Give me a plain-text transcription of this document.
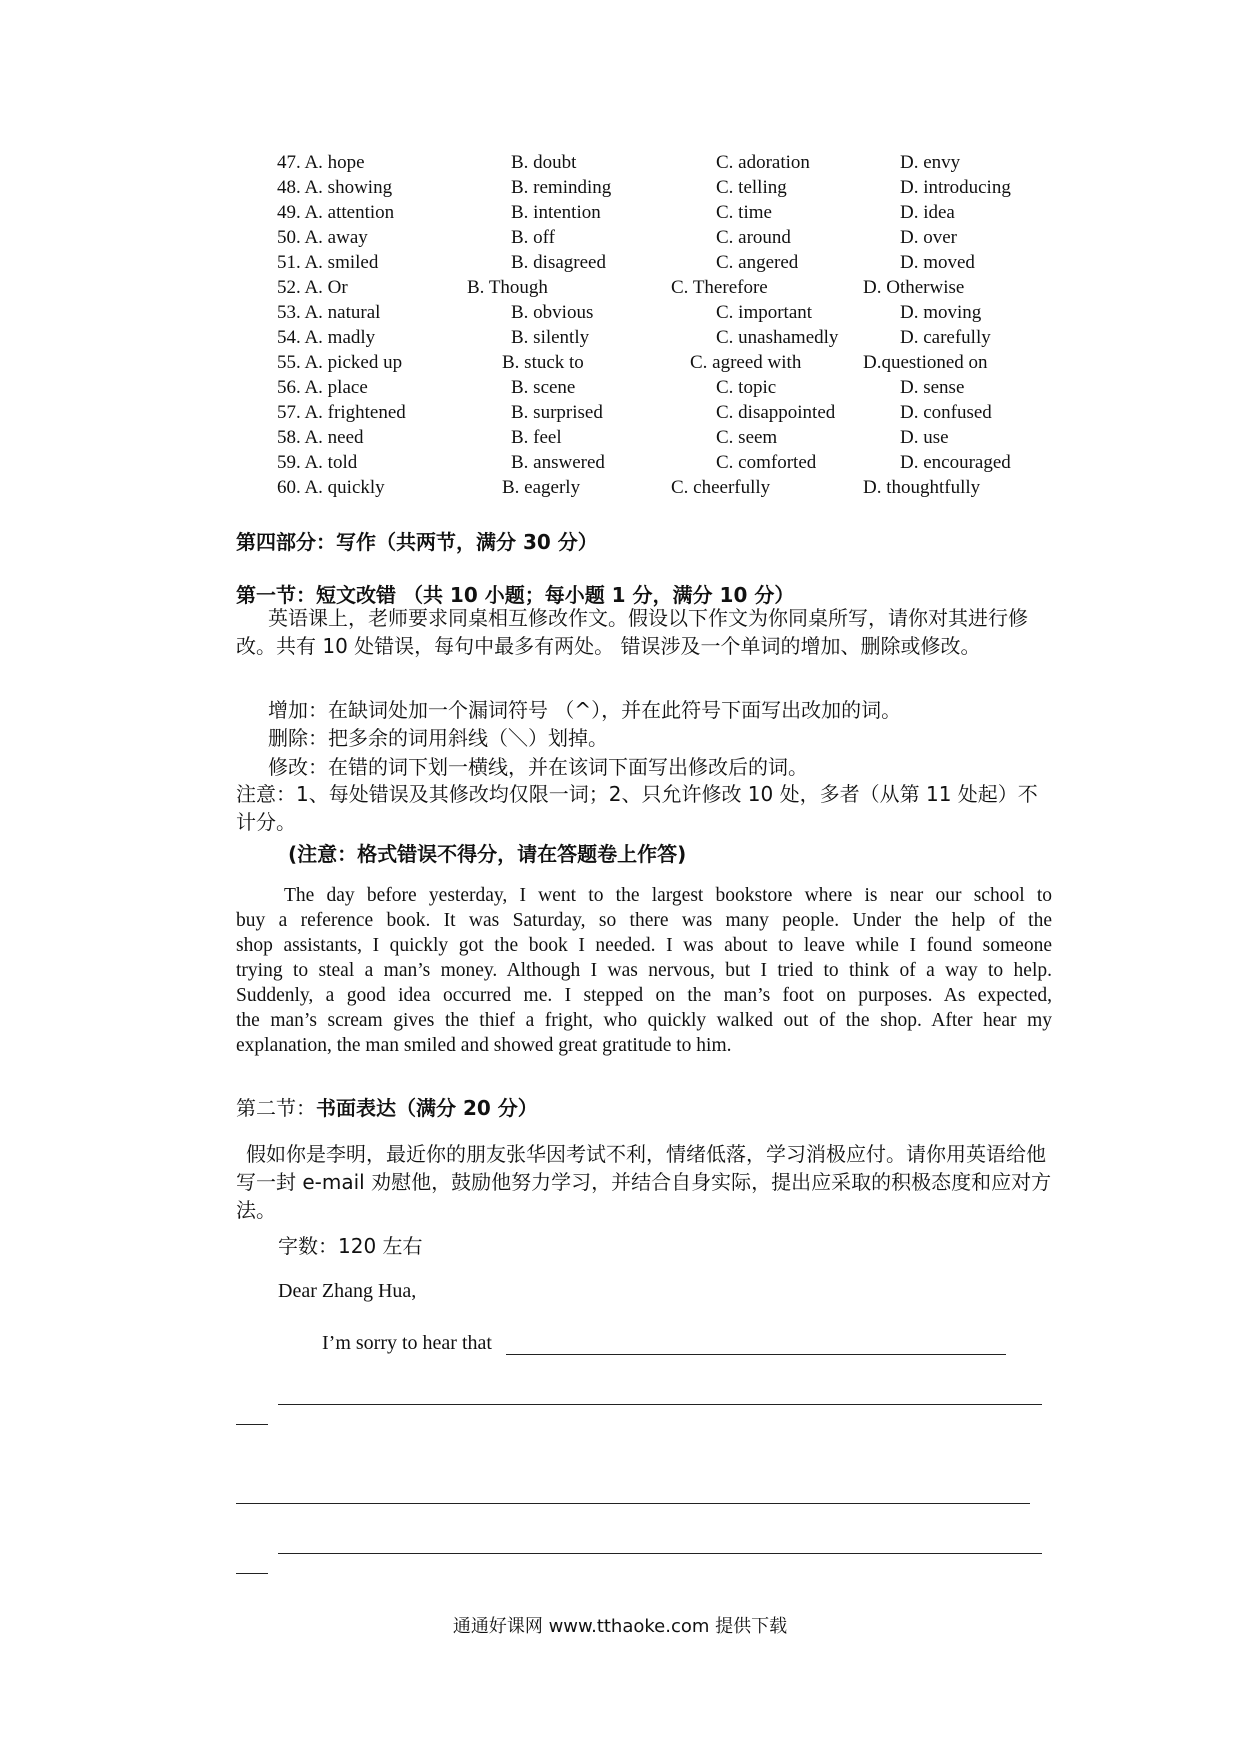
47. A. hope	B. doubt	C. adoration	D. envy
48. A. showing	B. reminding	C. telling	D. introducing
49. A. attention	B. intention	C. time	D. idea
50. A. away	B. off	C. around	D. over
51. A. smiled	B. disagreed	C. angered	D. moved
52. A. Or	B. Though	C. Therefore	D. Otherwise
53. A. natural	B. obvious	C. important	D. moving
54. A. madly	B. silently	C. unashamedly	D. carefully
55. A. picked up	B. stuck to	C. agreed with	D.questioned on
56. A. place	B. scene	C. topic	D. sense
57. A. frightened	B. surprised	C. disappointed	D. confused
58. A. need	B. feel	C. seem	D. use
59. A. told	B. answered	C. comforted	D. encouraged
60. A. quickly	B. eagerly	C. cheerfully	D. thoughtfully
第四部分：写作（共两节，满分 30 分）
第一节：短文改错 （共 10 小题；每小题 1 分，满分 10 分）
英语课上，老师要求同桌相互修改作文。假设以下作文为你同桌所写，请你对其进行修改。共有 10 处错误，每句中最多有两处。 错误涉及一个单词的增加、删除或修改。
增加：在缺词处加一个漏词符号 （^），并在此符号下面写出改加的词。
删除：把多余的词用斜线（＼）划掉。
修改：在错的词下划一横线，并在该词下面写出修改后的词。
注意：1、每处错误及其修改均仅限一词；2、只允许修改 10 处，多者（从第 11 处起）不计分。
(注意：格式错误不得分，请在答题卷上作答)
The day before yesterday, I went to the largest bookstore where is near our school to
buy a reference book. It was Saturday, so there was many people. Under the help of the
shop assistants, I quickly got the book I needed. I was about to leave while I found someone
trying to steal a man’s money. Although I was nervous, but I tried to think of a way to help.
Suddenly, a good idea occurred me. I stepped on the man’s foot on purposes. As expected,
the man’s scream gives the thief a fright, who quickly walked out of the shop. After hear my
explanation, the man smiled and showed great gratitude to him.
第二节：书面表达（满分 20 分）
假如你是李明，最近你的朋友张华因考试不利，情绪低落，学习消极应付。请你用英语给他写一封 e-mail 劝慰他，鼓励他努力学习，并结合自身实际，提出应采取的积极态度和应对方法。
字数：120 左右
Dear Zhang Hua,
I’m sorry to hear that
通通好课网 www.tthaoke.com 提供下载
